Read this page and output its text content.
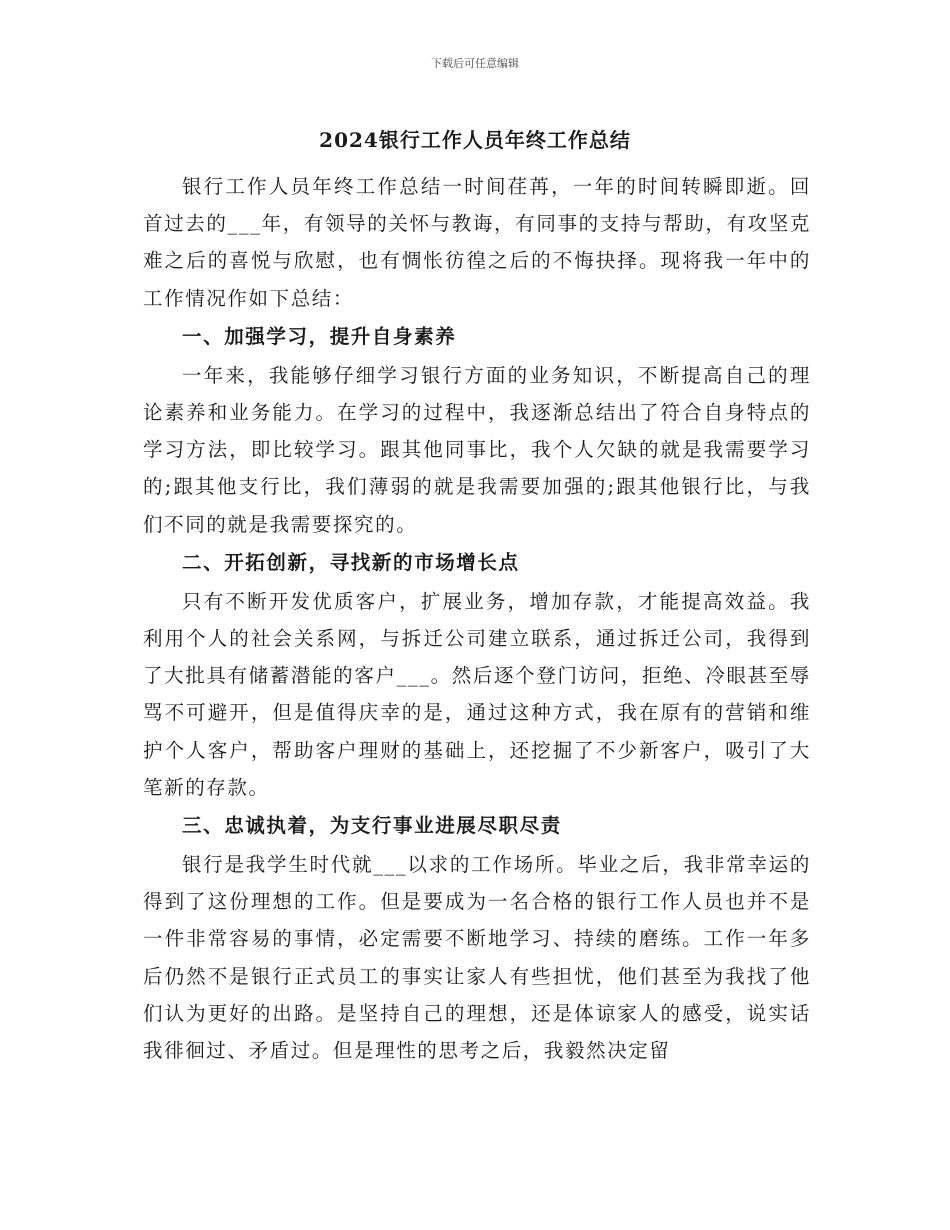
下载后可任意编辑
2024银行工作人员年终工作总结

银行工作人员年终工作总结一时间荏苒，一年的时间转瞬即逝。回首过去的___年，有领导的关怀与教诲，有同事的支持与帮助，有攻坚克难之后的喜悦与欣慰，也有惆怅彷徨之后的不悔抉择。现将我一年中的工作情况作如下总结：

一、加强学习，提升自身素养

一年来，我能够仔细学习银行方面的业务知识，不断提高自己的理论素养和业务能力。在学习的过程中，我逐渐总结出了符合自身特点的学习方法，即比较学习。跟其他同事比，我个人欠缺的就是我需要学习的;跟其他支行比，我们薄弱的就是我需要加强的;跟其他银行比，与我们不同的就是我需要探究的。

二、开拓创新，寻找新的市场增长点

只有不断开发优质客户，扩展业务，增加存款，才能提高效益。我利用个人的社会关系网，与拆迁公司建立联系，通过拆迁公司，我得到了大批具有储蓄潜能的客户___。然后逐个登门访问，拒绝、冷眼甚至辱骂不可避开，但是值得庆幸的是，通过这种方式，我在原有的营销和维护个人客户，帮助客户理财的基础上，还挖掘了不少新客户，吸引了大笔新的存款。

三、忠诚执着，为支行事业进展尽职尽责

银行是我学生时代就___以求的工作场所。毕业之后，我非常幸运的得到了这份理想的工作。但是要成为一名合格的银行工作人员也并不是一件非常容易的事情，必定需要不断地学习、持续的磨练。工作一年多后仍然不是银行正式员工的事实让家人有些担忧，他们甚至为我找了他们认为更好的出路。是坚持自己的理想，还是体谅家人的感受，说实话我徘徊过、矛盾过。但是理性的思考之后，我毅然决定留
